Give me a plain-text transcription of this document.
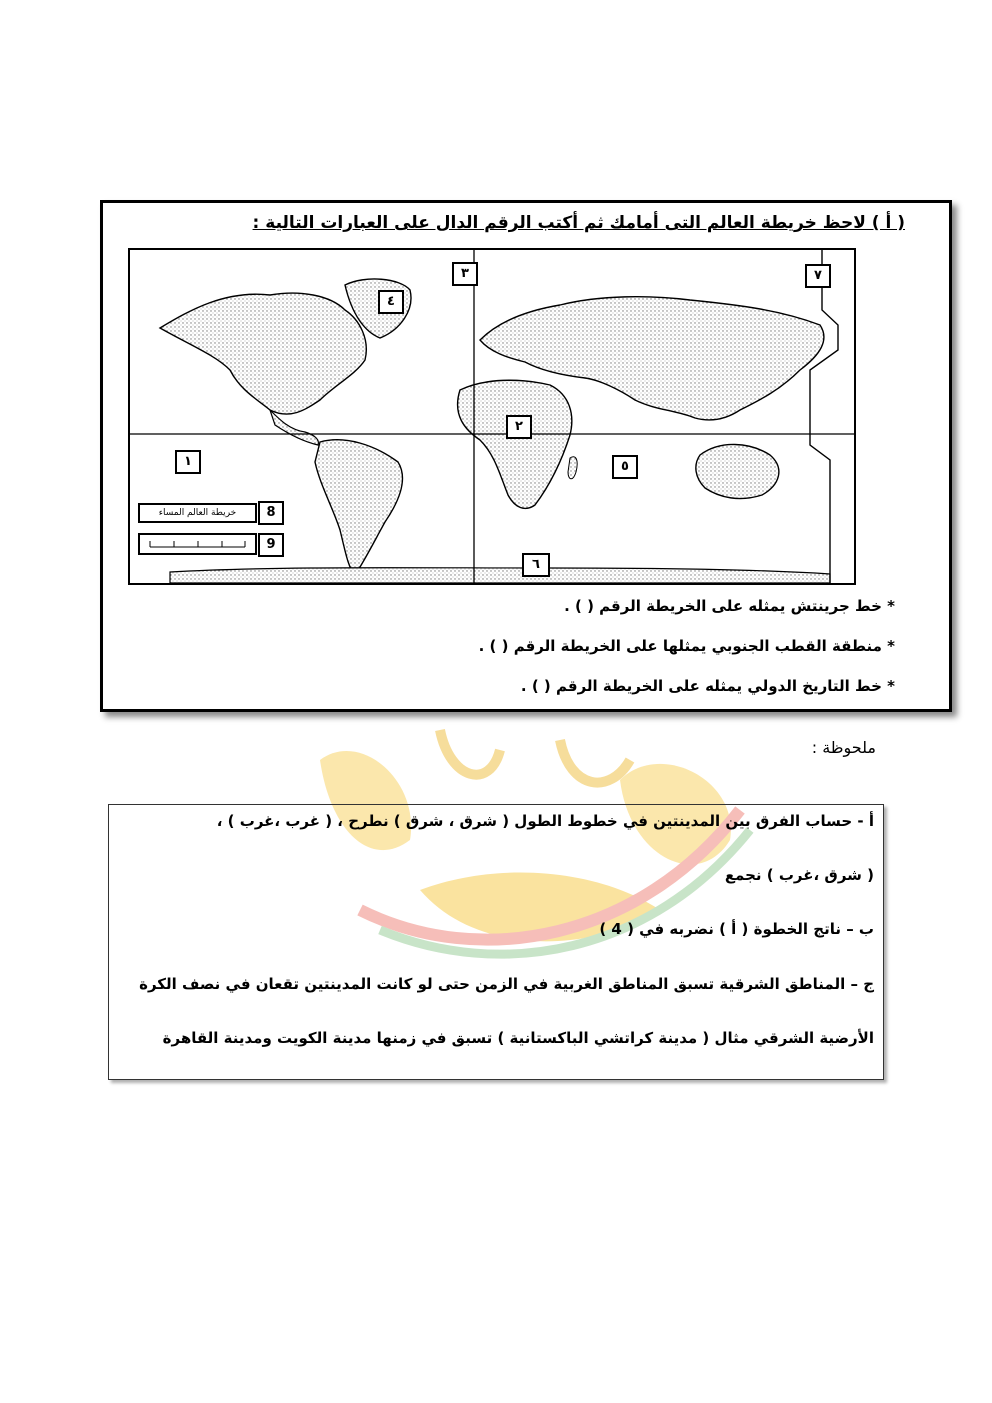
( أ ) لاحظ خريطة العالم التى أمامك ثم أكتب الرقم الدال على العبارات التالية :
٣	٧
٤
٢
١	٥
٦
خريطة العالم المساء	8
9
* خط جرينتش يمثله على الخريطة الرقم ( ) .
* منطقة القطب الجنوبي يمثلها على الخريطة الرقم ( ) .
* خط التاريخ الدولي يمثله على الخريطة الرقم ( ) .
ملحوظة :
أ - حساب الفرق بين المدينتين في خطوط الطول ( شرق ، شرق ) نطرح ، ( غرب ،غرب ) ،
( شرق ،غرب ) نجمع
ب – ناتج الخطوة ( أ ) نضربه في ( 4 )
ج – المناطق الشرقية تسبق المناطق الغربية في الزمن حتى لو كانت المدينتين تقعان في نصف الكرة
الأرضية الشرقي مثال ( مدينة كراتشي الباكستانية ) تسبق في زمنها مدينة الكويت ومدينة القاهرة
